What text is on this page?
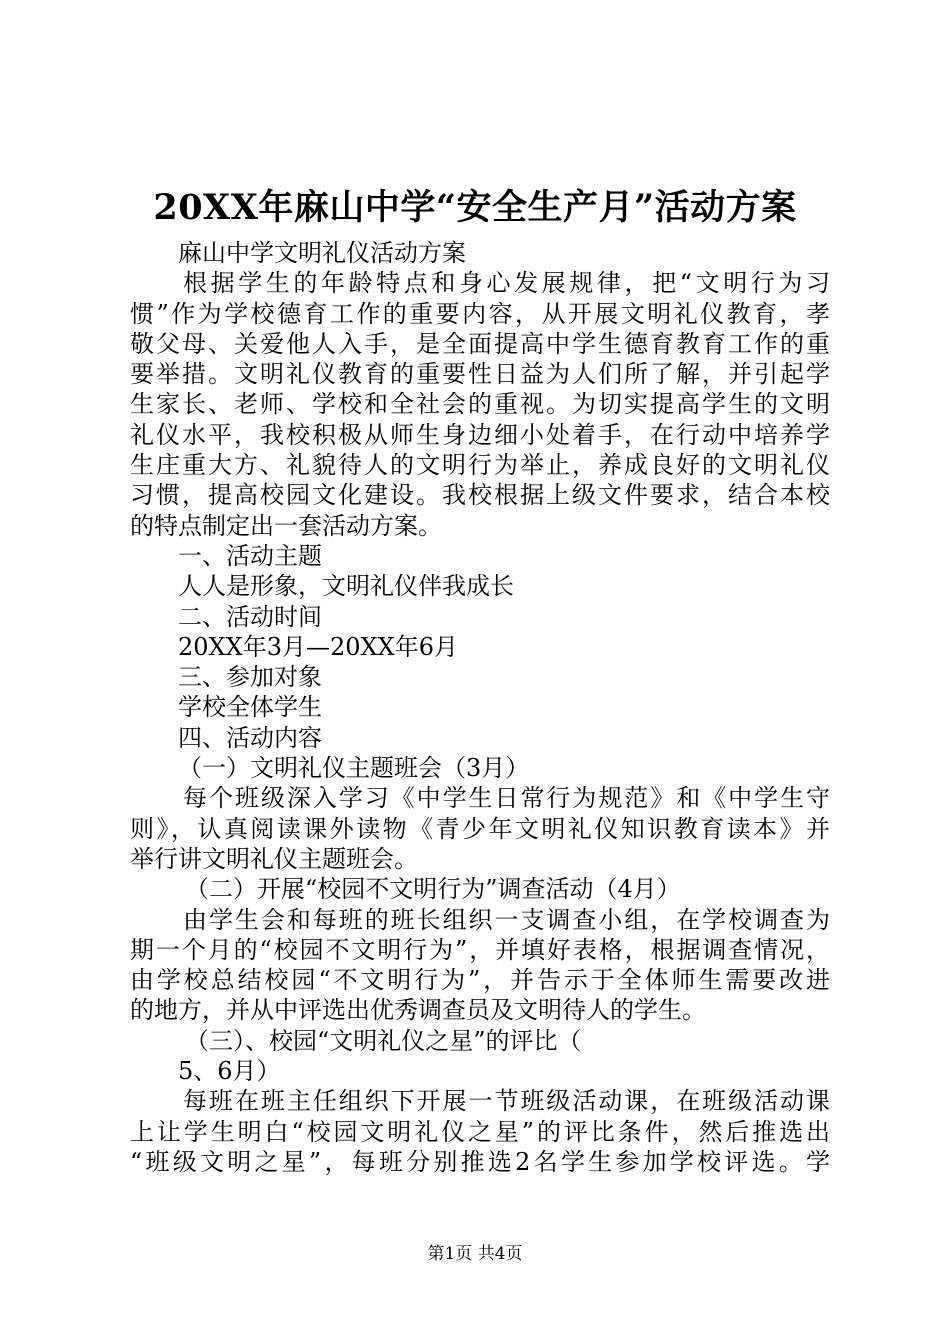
20XX年麻山中学“安全生产月”活动方案
麻山中学文明礼仪活动方案
根据学生的年龄特点和身心发展规律，把“文明行为习
惯”作为学校德育工作的重要内容，从开展文明礼仪教育，孝
敬父母、关爱他人入手，是全面提高中学生德育教育工作的重
要举措。文明礼仪教育的重要性日益为人们所了解，并引起学
生家长、老师、学校和全社会的重视。为切实提高学生的文明
礼仪水平，我校积极从师生身边细小处着手，在行动中培养学
生庄重大方、礼貌待人的文明行为举止，养成良好的文明礼仪
习惯，提高校园文化建设。我校根据上级文件要求，结合本校
的特点制定出一套活动方案。
一、活动主题
人人是形象，文明礼仪伴我成长
二、活动时间
20XX年3月—20XX年6月
三、参加对象
学校全体学生
四、活动内容
（一）文明礼仪主题班会（3月）
每个班级深入学习《中学生日常行为规范》和《中学生守
则》，认真阅读课外读物《青少年文明礼仪知识教育读本》并
举行讲文明礼仪主题班会。
（二）开展“校园不文明行为”调查活动（4月）
由学生会和每班的班长组织一支调查小组，在学校调查为
期一个月的“校园不文明行为”，并填好表格，根据调查情况，
由学校总结校园“不文明行为”，并告示于全体师生需要改进
的地方，并从中评选出优秀调查员及文明待人的学生。
（三）、校园“文明礼仪之星”的评比（
5、6月）
每班在班主任组织下开展一节班级活动课，在班级活动课
上让学生明白“校园文明礼仪之星”的评比条件，然后推选出
“班级文明之星”，每班分别推选2名学生参加学校评选。学
第1页 共4页
